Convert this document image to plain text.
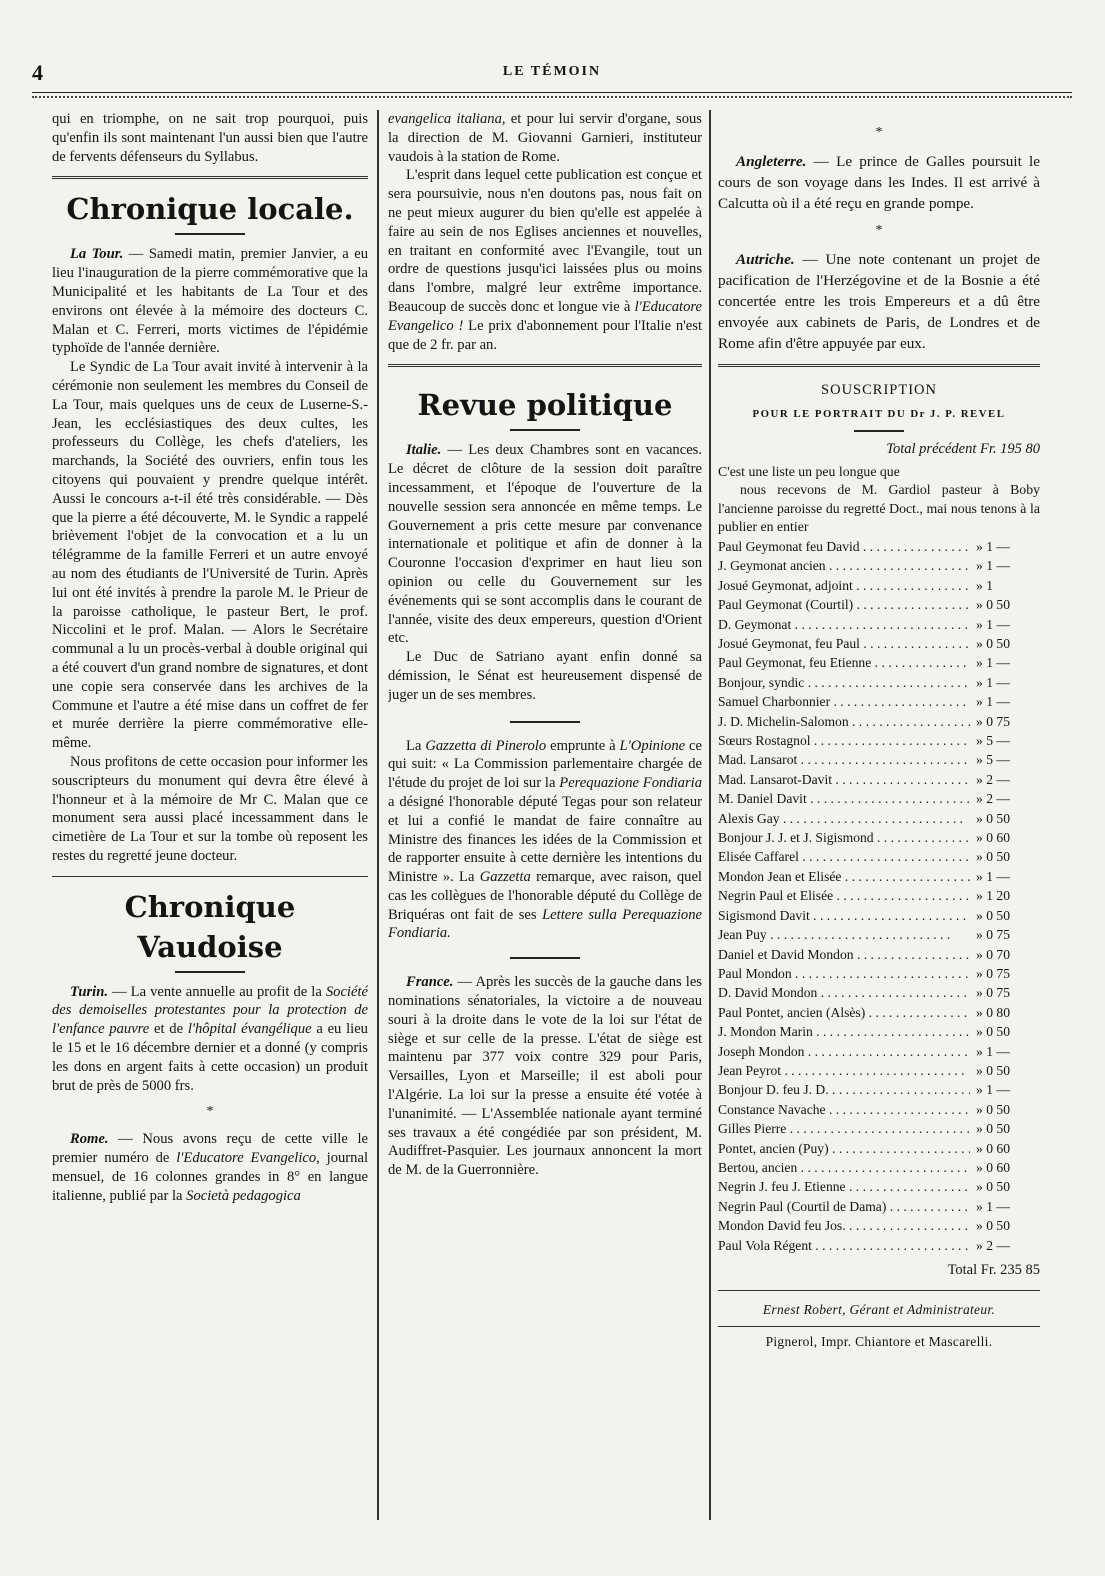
4	LE TÉMOIN

qui en triomphe, on ne sait trop pourquoi, puis qu'enfin ils sont maintenant l'un aussi bien que l'autre de fervents défenseurs du Syllabus.

Chronique locale.

La Tour. — Samedi matin, premier Janvier, a eu lieu l'inauguration de la pierre commémorative que la Municipalité et les habitants de La Tour et des environs ont élevée à la mémoire des docteurs C. Malan et C. Ferreri, morts victimes de l'épidémie typhoïde de l'année dernière.

Le Syndic de La Tour avait invité à intervenir à la cérémonie non seulement les membres du Conseil de La Tour, mais quelques uns de ceux de Luserne-S.-Jean, les ecclésiastiques des deux cultes, les professeurs du Collège, les chefs d'ateliers, les marchands, la Société des ouvriers, enfin tous les citoyens qui pouvaient y prendre quelque intérêt. Aussi le concours a-t-il été très considérable. — Dès que la pierre a été découverte, M. le Syndic a rappelé brièvement l'objet de la convocation et a lu un télégramme de la famille Ferreri et un autre envoyé au nom des étudiants de l'Université de Turin. Après lui ont été invités à prendre la parole M. le Prieur de la paroisse catholique, le pasteur Bert, le prof. Niccolini et le prof. Malan. — Alors le Secrétaire communal a lu un procès-verbal à double original qui a été couvert d'un grand nombre de signatures, et dont une copie sera conservée dans les archives de la Commune et l'autre a été mise dans un coffret de fer et murée derrière la pierre commémorative elle-même.

Nous profitons de cette occasion pour informer les souscripteurs du monument qui devra être élevé à l'honneur et à la mémoire de Mr C. Malan que ce monument sera aussi placé incessamment dans le cimetière de La Tour et sur la tombe où reposent les restes du regretté jeune docteur.

Chronique Vaudoise

Turin. — La vente annuelle au profit de la Société des demoiselles protestantes pour la protection de l'enfance pauvre et de l'hôpital évangélique a eu lieu le 15 et le 16 décembre dernier et a donné (y compris les dons en argent faits à cette occasion) un produit brut de près de 5000 frs.

*

Rome. — Nous avons reçu de cette ville le premier numéro de l'Educatore Evangelico, journal mensuel, de 16 colonnes grandes in 8° en langue italienne, publié par la Società pedagogica

evangelica italiana, et pour lui servir d'organe, sous la direction de M. Giovanni Garnieri, instituteur vaudois à la station de Rome.

L'esprit dans lequel cette publication est conçue et sera poursuivie, nous n'en doutons pas, nous fait on ne peut mieux augurer du bien qu'elle est appelée à faire au sein de nos Eglises anciennes et nouvelles, en traitant en conformité avec l'Evangile, tout un ordre de questions jusqu'ici laissées plus ou moins dans l'ombre, malgré leur extrême importance. Beaucoup de succès donc et longue vie à l'Educatore Evangelico ! Le prix d'abonnement pour l'Italie n'est que de 2 fr. par an.

Revue politique

Italie. — Les deux Chambres sont en vacances. Le décret de clôture de la session doit paraître incessamment, et l'époque de l'ouverture de la nouvelle session sera annoncée en même temps. Le Gouvernement a pris cette mesure par convenance internationale et politique et afin de donner à la Couronne l'occasion d'exprimer en haut lieu son opinion ou celle du Gouvernement sur les événements qui se sont accomplis dans le courant de l'année, visite des deux empereurs, question d'Orient etc.

Le Duc de Satriano ayant enfin donné sa démission, le Sénat est heureusement dispensé de juger un de ses membres.

La Gazzetta di Pinerolo emprunte à L'Opinione ce qui suit: « La Commission parlementaire chargée de l'étude du projet de loi sur la Perequazione Fondiaria a désigné l'honorable député Tegas pour son relateur et lui a confié le mandat de faire connaître au Ministre des finances les idées de la Commission et de rapporter ensuite à cette dernière les intentions du Ministre ». La Gazzetta remarque, avec raison, quel cas les collègues de l'honorable député du Collège de Briquéras ont fait de ses Lettere sulla Perequazione Fondiaria.

France. — Après les succès de la gauche dans les nominations sénatoriales, la victoire a de nouveau souri à la droite dans le vote de la loi sur l'état de siège et sur celle de la presse. L'état de siège est maintenu par 377 voix contre 329 pour Paris, Versailles, Lyon et Marseille; il est aboli pour l'Algérie. La loi sur la presse a ensuite été votée à l'unanimité. — L'Assemblée nationale ayant terminé ses travaux a été congédiée par son président, M. Audiffret-Pasquier. Les journaux annoncent la mort de M. de la Guerronnière.

*

Angleterre. — Le prince de Galles poursuit le cours de son voyage dans les Indes. Il est arrivé à Calcutta où il a été reçu en grande pompe.

*

Autriche. — Une note contenant un projet de pacification de l'Herzégovine et de la Bosnie a été concertée entre les trois Empereurs et a dû être envoyée aux cabinets de Paris, de Londres et de Rome afin d'être appuyée par eux.

SOUSCRIPTION

POUR LE PORTRAIT DU Dr J. P. REVEL

Total précédent Fr. 195 80

C'est une liste un peu longue que
nous recevons de M. Gardiol pasteur à Boby l'ancienne paroisse du regretté Doct., mai nous tenons à la publier en entier

Paul Geymonat feu David . . .	» 1 —
J. Geymonat ancien . . .	» 1 —
Josué Geymonat, adjoint . . .	» 1
Paul Geymonat (Courtil) . . .	» 0 50
D. Geymonat . . .	» 1 —
Josué Geymonat, feu Paul . . .	» 0 50
Paul Geymonat, feu Etienne . . .	» 1 —
Bonjour, syndic . . .	» 1 —
Samuel Charbonnier . . .	» 1 —
J. D. Michelin-Salomon . . .	» 0 75
Sœurs Rostagnol . . .	» 5 —
Mad. Lansarot . . .	» 5 —
Mad. Lansarot-Davit . . .	» 2 —
M. Daniel Davit . . .	» 2 —
Alexis Gay . . .	» 0 50
Bonjour J. J. et J. Sigismond . . .	» 0 60
Elisée Caffarel . . .	» 0 50
Mondon Jean et Elisée . . .	» 1 —
Negrin Paul et Elisée . . .	» 1 20
Sigismond Davit . . .	» 0 50
Jean Puy . . .	» 0 75
Daniel et David Mondon . . .	» 0 70
Paul Mondon . . .	» 0 75
D. David Mondon . . .	» 0 75
Paul Pontet, ancien (Alsès) . . .	» 0 80
J. Mondon Marin . . .	» 0 50
Joseph Mondon . . .	» 1 —
Jean Peyrot . . .	» 0 50
Bonjour D. feu J. D. . . .	» 1 —
Constance Navache . . .	» 0 50
Gilles Pierre . . .	» 0 50
Pontet, ancien (Puy) . . .	» 0 60
Bertou, ancien . . .	» 0 60
Negrin J. feu J. Etienne . . .	» 0 50
Negrin Paul (Courtil de Dama) . . .	» 1 —
Mondon David feu Jos. . . .	» 0 50
Paul Vola Régent . . .	» 2 —

Total Fr. 235 85

Ernest Robert, Gérant et Administrateur.

Pignerol, Impr. Chiantore et Mascarelli.
